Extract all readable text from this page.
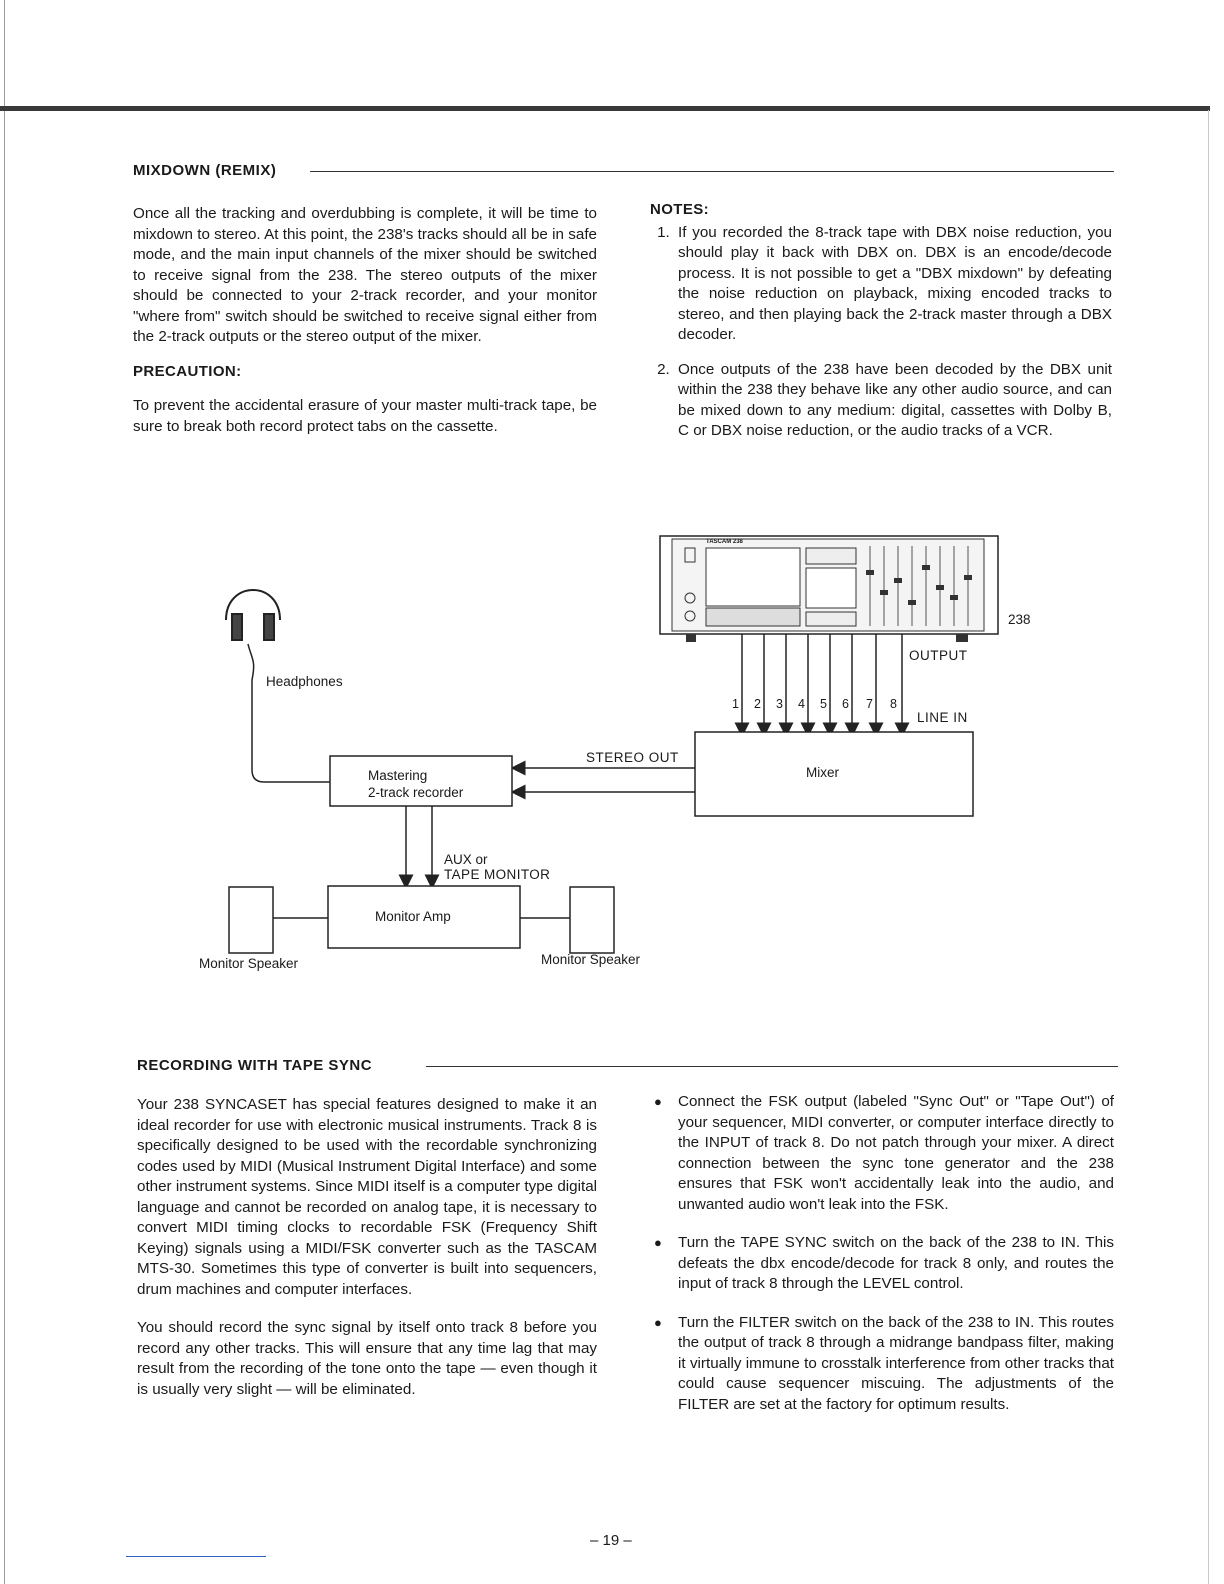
MIXDOWN (REMIX)

Once all the tracking and overdubbing is complete, it will be time to mixdown to stereo. At this point, the 238's tracks should all be in safe mode, and the main input channels of the mixer should be switched to receive signal from the 238. The stereo outputs of the mixer should be connected to your 2-track recorder, and your monitor "where from" switch should be switched to receive signal either from the 2-track outputs or the stereo output of the mixer.

PRECAUTION:

To prevent the accidental erasure of your master multi-track tape, be sure to break both record protect tabs on the cassette.

NOTES:

1. If you recorded the 8-track tape with DBX noise reduction, you should play it back with DBX on. DBX is an encode/decode process. It is not possible to get a "DBX mixdown" by defeating the noise reduction on playback, mixing encoded tracks to stereo, and then playing back the 2-track master through a DBX decoder.
2. Once outputs of the 238 have been decoded by the DBX unit within the 238 they behave like any other audio source, and can be mixed down to any medium: digital, cassettes with Dolby B, C or DBX noise reduction, or the audio tracks of a VCR.
238
OUTPUT
LINE IN
1 2 3 4 5 6 7 8
TASCAM 238
Headphones
STEREO OUT
Mixer
Mastering
2-track recorder
AUX or
TAPE MONITOR
Monitor Amp
Monitor Speaker	Monitor Speaker
RECORDING WITH TAPE SYNC

Your 238 SYNCASET has special features designed to make it an ideal recorder for use with electronic musical instruments. Track 8 is specifically designed to be used with the recordable synchronizing codes used by MIDI (Musical Instrument Digital Interface) and some other instrument systems. Since MIDI itself is a computer type digital language and cannot be recorded on analog tape, it is necessary to convert MIDI timing clocks to recordable FSK (Frequency Shift Keying) signals using a MIDI/FSK converter such as the TASCAM MTS-30. Sometimes this type of converter is built into sequencers, drum machines and computer interfaces.

You should record the sync signal by itself onto track 8 before you record any other tracks. This will ensure that any time lag that may result from the recording of the tone onto the tape — even though it is usually very slight — will be eliminated.

● Connect the FSK output (labeled "Sync Out" or "Tape Out") of your sequencer, MIDI converter, or computer interface directly to the INPUT of track 8. Do not patch through your mixer. A direct connection between the sync tone generator and the 238 ensures that FSK won't accidentally leak into the audio, and unwanted audio won't leak into the FSK.
● Turn the TAPE SYNC switch on the back of the 238 to IN. This defeats the dbx encode/decode for track 8 only, and routes the input of track 8 through the LEVEL control.
● Turn the FILTER switch on the back of the 238 to IN. This routes the output of track 8 through a midrange bandpass filter, making it virtually immune to crosstalk interference from other tracks that could cause sequencer miscuing. The adjustments of the FILTER are set at the factory for optimum results.
– 19 –
